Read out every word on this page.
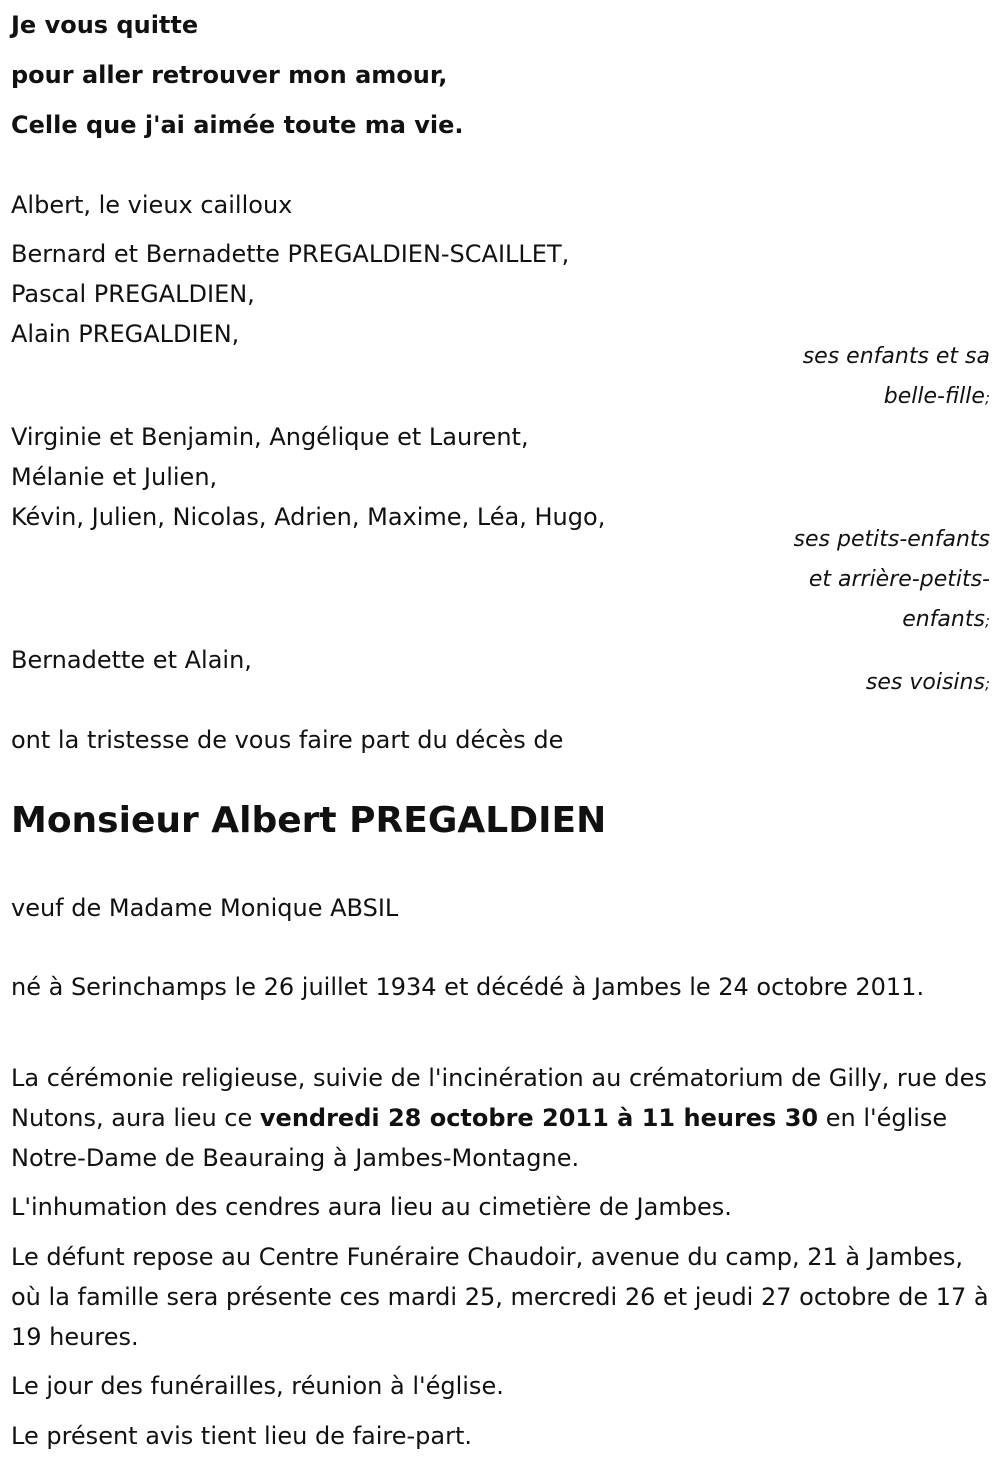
Je vous quitte
pour aller retrouver mon amour,
Celle que j'ai aimée toute ma vie.
Albert, le vieux cailloux
Bernard et Bernadette PREGALDIEN-SCAILLET,
Pascal PREGALDIEN,
Alain PREGALDIEN,
ses enfants et sa
belle-fille;
Virginie et Benjamin, Angélique et Laurent,
Mélanie et Julien,
Kévin, Julien, Nicolas, Adrien, Maxime, Léa, Hugo,
ses petits-enfants
et arrière-petits-
enfants;
Bernadette et Alain,
ses voisins;
ont la tristesse de vous faire part du décès de
Monsieur Albert PREGALDIEN
veuf de Madame Monique ABSIL
né à Serinchamps le 26 juillet 1934 et décédé à Jambes le 24 octobre 2011.
La cérémonie religieuse, suivie de l'incinération au crématorium de Gilly, rue des Nutons, aura lieu ce vendredi 28 octobre 2011 à 11 heures 30 en l'église Notre-Dame de Beauraing à Jambes-Montagne.
L'inhumation des cendres aura lieu au cimetière de Jambes.
Le défunt repose au Centre Funéraire Chaudoir, avenue du camp, 21 à Jambes, où la famille sera présente ces mardi 25, mercredi 26 et jeudi 27 octobre de 17 à 19 heures.
Le jour des funérailles, réunion à l'église.
Le présent avis tient lieu de faire-part.
